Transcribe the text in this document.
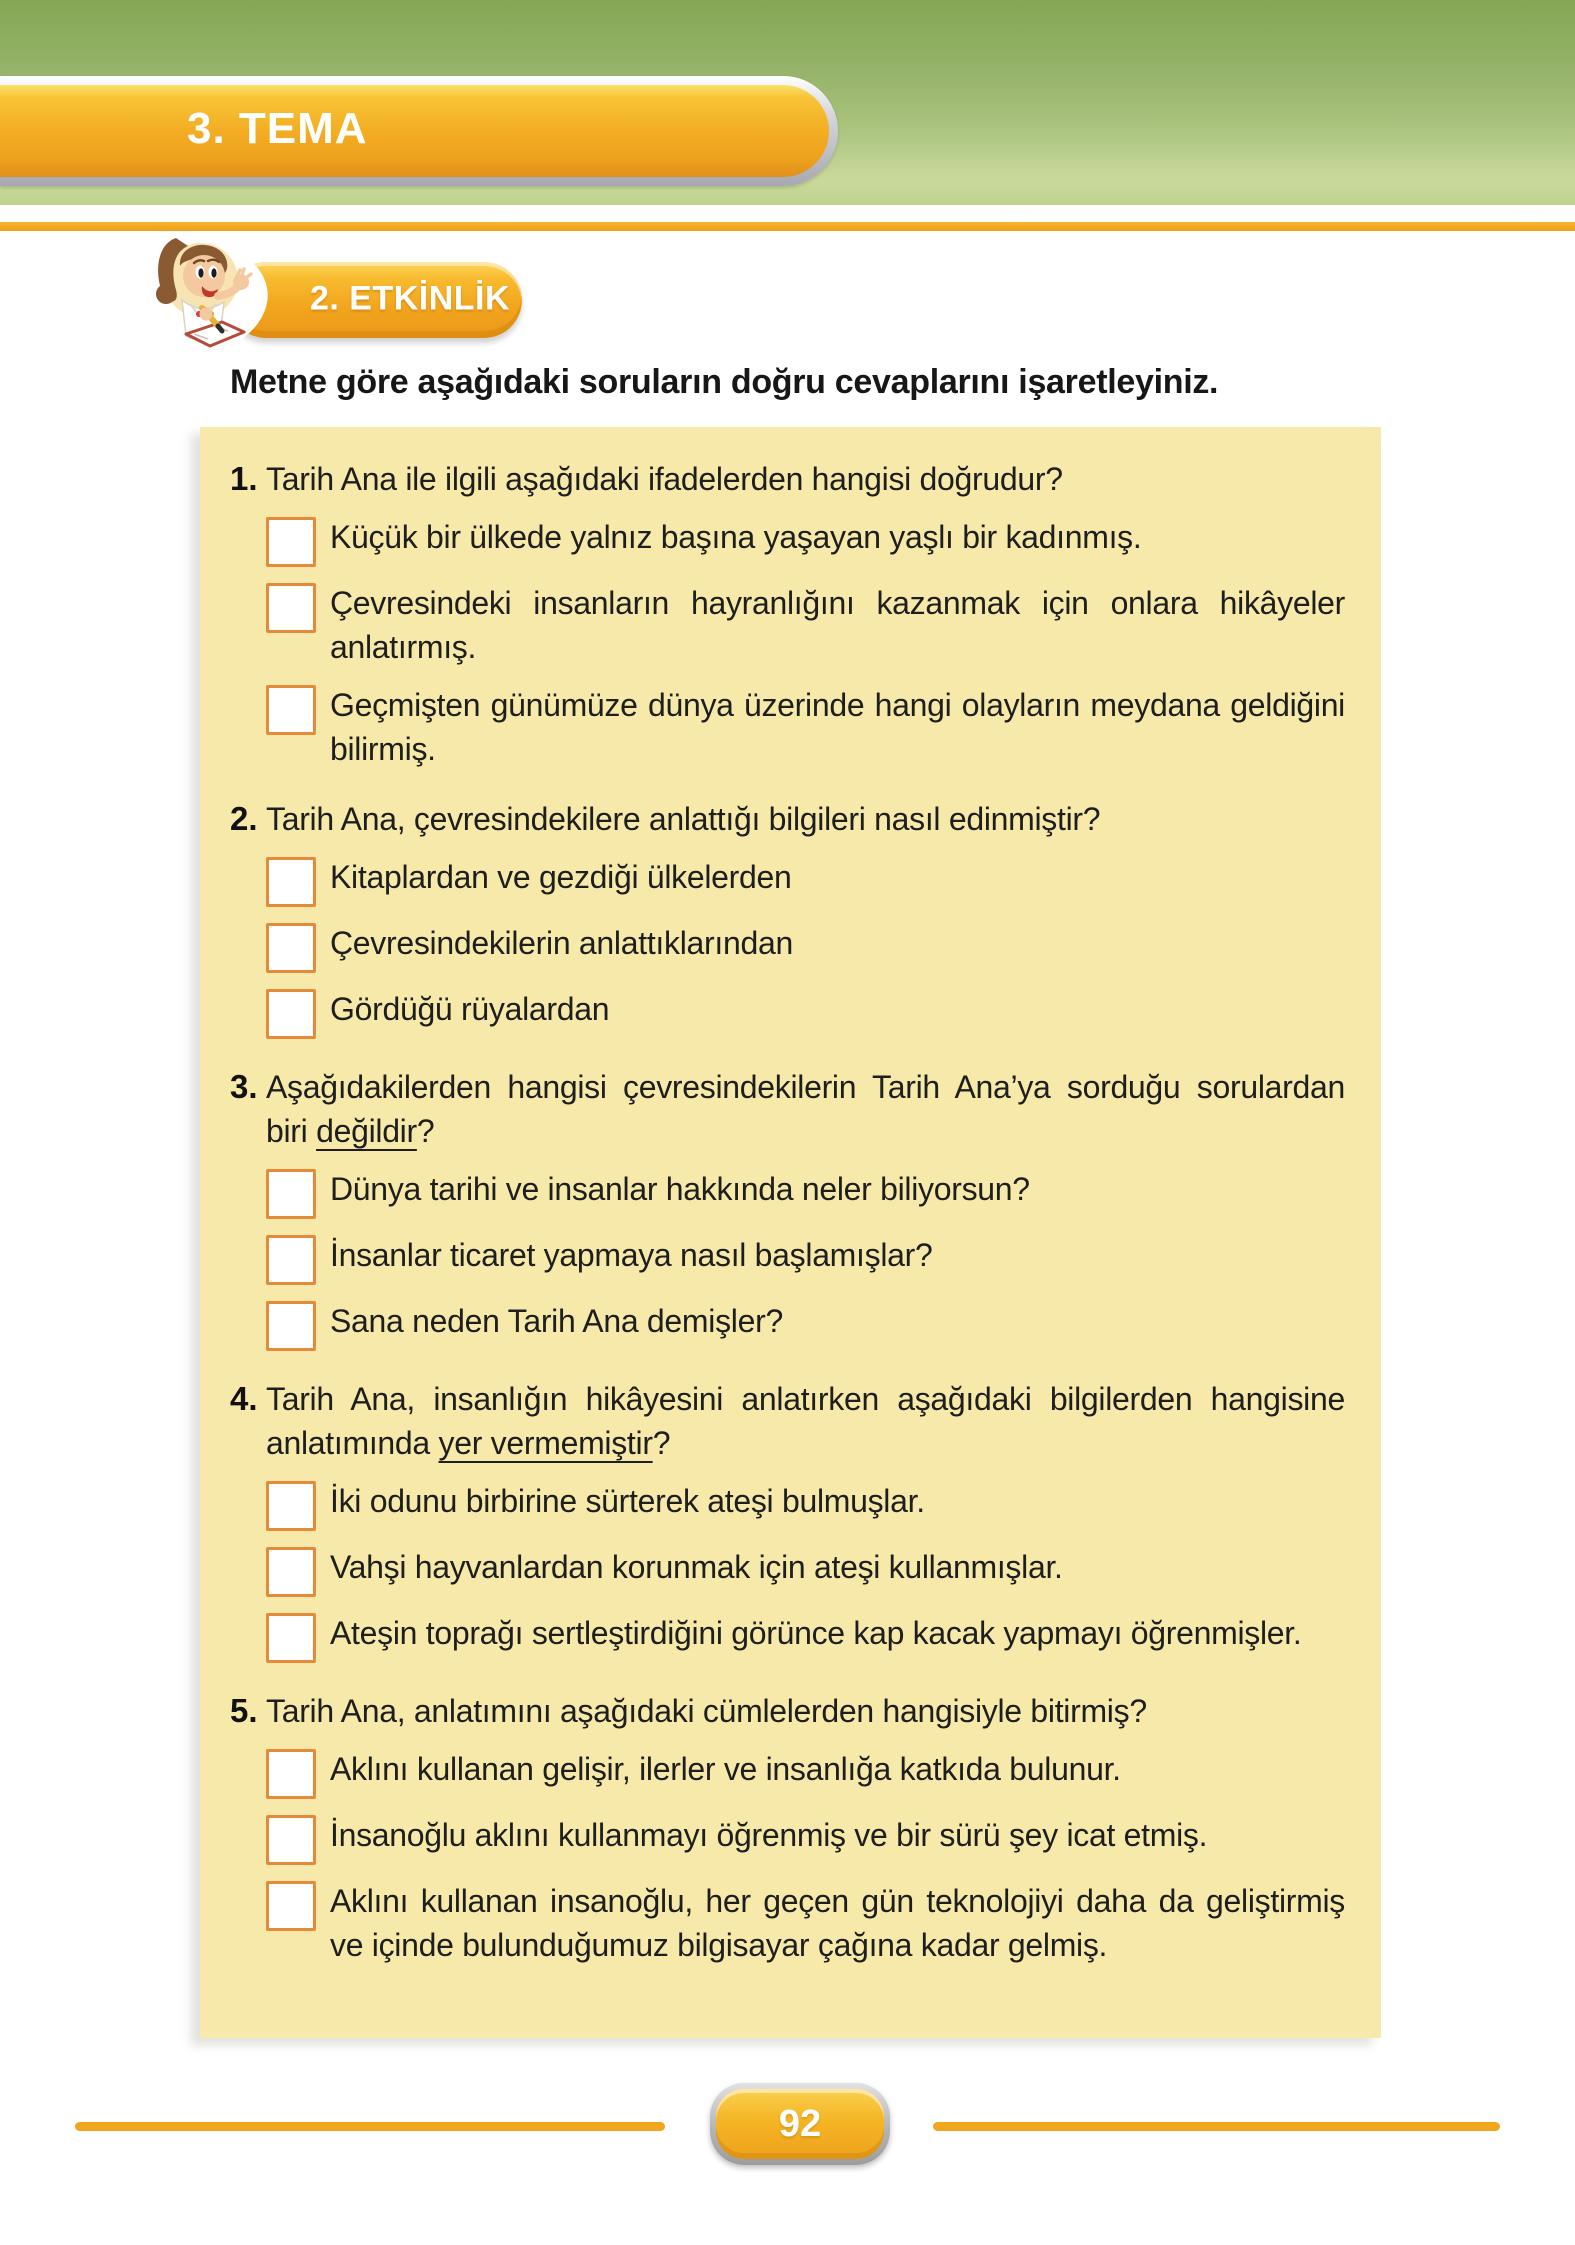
3. TEMA
2. ETKİNLİK
Metne göre aşağıdaki soruların doğru cevaplarını işaretleyiniz.
1. Tarih Ana ile ilgili aşağıdaki ifadelerden hangisi doğrudur?
Küçük bir ülkede yalnız başına yaşayan yaşlı bir kadınmış.
Çevresindeki insanların hayranlığını kazanmak için onlara hikâyeler anlatırmış.
Geçmişten günümüze dünya üzerinde hangi olayların meydana geldiğini bilirmiş.
2. Tarih Ana, çevresindekilere anlattığı bilgileri nasıl edinmiştir?
Kitaplardan ve gezdiği ülkelerden
Çevresindekilerin anlattıklarından
Gördüğü rüyalardan
3. Aşağıdakilerden hangisi çevresindekilerin Tarih Ana’ya sorduğu sorulardan biri değildir?
Dünya tarihi ve insanlar hakkında neler biliyorsun?
İnsanlar ticaret yapmaya nasıl başlamışlar?
Sana neden Tarih Ana demişler?
4. Tarih Ana, insanlığın hikâyesini anlatırken aşağıdaki bilgilerden hangisine anlatımında yer vermemiştir?
İki odunu birbirine sürterek ateşi bulmuşlar.
Vahşi hayvanlardan korunmak için ateşi kullanmışlar.
Ateşin toprağı sertleştirdiğini görünce kap kacak yapmayı öğrenmişler.
5. Tarih Ana, anlatımını aşağıdaki cümlelerden hangisiyle bitirmiş?
Aklını kullanan gelişir, ilerler ve insanlığa katkıda bulunur.
İnsanoğlu aklını kullanmayı öğrenmiş ve bir sürü şey icat etmiş.
Aklını kullanan insanoğlu, her geçen gün teknolojiyi daha da geliştirmiş ve içinde bulunduğumuz bilgisayar çağına kadar gelmiş.
92
